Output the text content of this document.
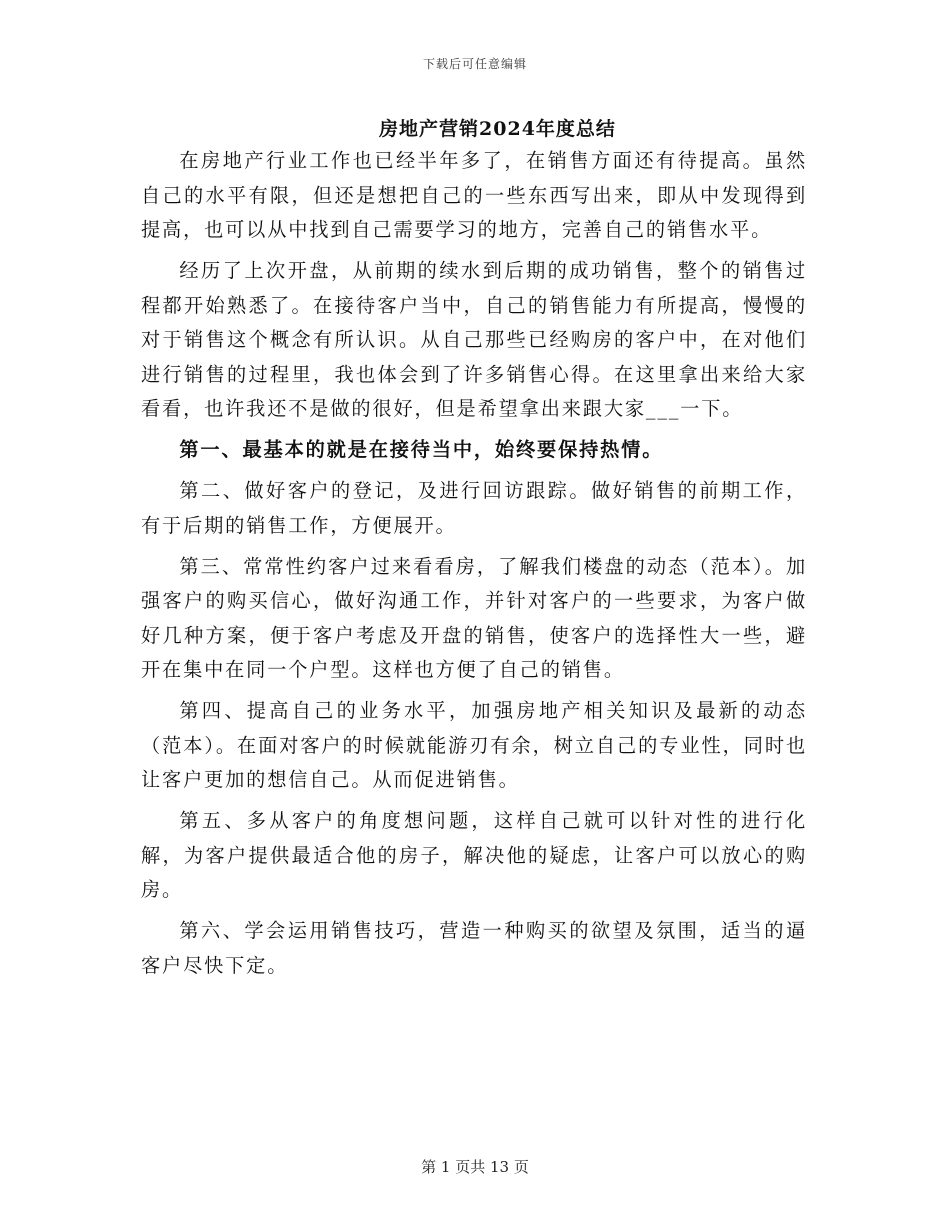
下载后可任意编辑
房地产营销2024年度总结

在房地产行业工作也已经半年多了，在销售方面还有待提高。虽然自己的水平有限，但还是想把自己的一些东西写出来，即从中发现得到提高，也可以从中找到自己需要学习的地方，完善自己的销售水平。

经历了上次开盘，从前期的续水到后期的成功销售，整个的销售过程都开始熟悉了。在接待客户当中，自己的销售能力有所提高，慢慢的对于销售这个概念有所认识。从自己那些已经购房的客户中，在对他们进行销售的过程里，我也体会到了许多销售心得。在这里拿出来给大家看看，也许我还不是做的很好，但是希望拿出来跟大家___一下。

第一、最基本的就是在接待当中，始终要保持热情。

第二、做好客户的登记，及进行回访跟踪。做好销售的前期工作，有于后期的销售工作，方便展开。

第三、常常性约客户过来看看房，了解我们楼盘的动态（范本）。加强客户的购买信心，做好沟通工作，并针对客户的一些要求，为客户做好几种方案，便于客户考虑及开盘的销售，使客户的选择性大一些，避开在集中在同一个户型。这样也方便了自己的销售。

第四、提高自己的业务水平，加强房地产相关知识及最新的动态（范本）。在面对客户的时候就能游刃有余，树立自己的专业性，同时也让客户更加的想信自己。从而促进销售。

第五、多从客户的角度想问题，这样自己就可以针对性的进行化解，为客户提供最适合他的房子，解决他的疑虑，让客户可以放心的购房。

第六、学会运用销售技巧，营造一种购买的欲望及氛围，适当的逼客户尽快下定。

第 1 页共 13 页
